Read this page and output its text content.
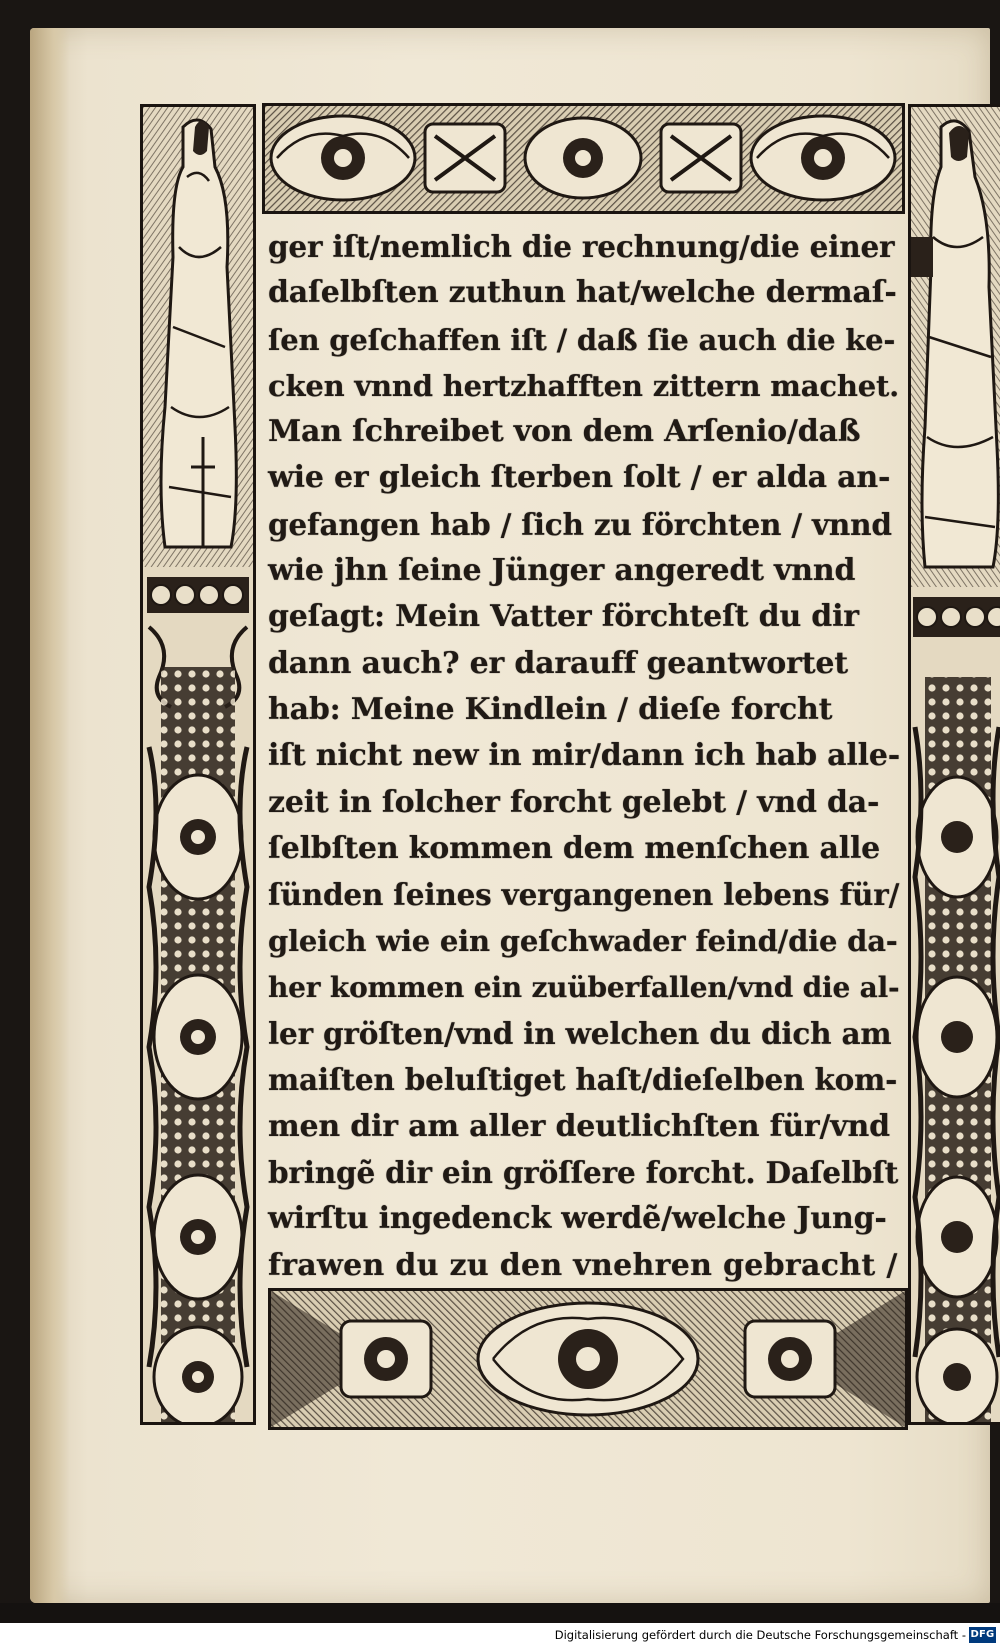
ger iſt/nemlich die rechnung/die einer
daſelbſten zuthun hat/welche dermaſ-
ſen geſchaffen iſt / daß ſie auch die ke-
cken vnnd hertzhafften zittern machet.
Man ſchreibet von dem Arſenio/daß
wie er gleich ſterben ſolt / er alda an-
gefangen hab / ſich zu förchten / vnnd
wie jhn ſeine Jünger angeredt vnnd
geſagt: Mein Vatter förchteſt du dir
dann auch? er darauff geantwortet
hab: Meine Kindlein / dieſe forcht
iſt nicht new in mir/dann ich hab alle-
zeit in ſolcher forcht gelebt / vnd da-
ſelbſten kommen dem menſchen alle
ſünden ſeines vergangenen lebens für/
gleich wie ein geſchwader feind/die da-
her kommen ein zuüberfallen/vnd die al-
ler gröſten/vnd in welchen du dich am
maiſten beluſtiget haſt/dieſelben kom-
men dir am aller deutlichſten für/vnd
bringẽ dir ein gröſſere forcht. Daſelbſt
wirſtu ingedenck werdẽ/welche Jung-
frawen du zu den vnehren gebracht /
Digitalisierung gefördert durch die Deutsche Forschungsgemeinschaft - DFG
